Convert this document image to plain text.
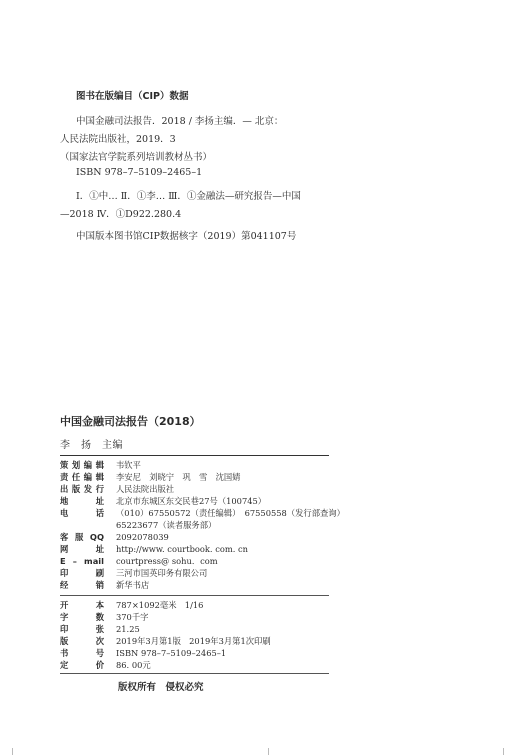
图书在版编目（CIP）数据
中国金融司法报告．2018 / 李扬主编．— 北京：
人民法院出版社，2019．3
（国家法官学院系列培训教材丛书）
ISBN 978–7–5109–2465–1
Ⅰ．①中… Ⅱ．①李… Ⅲ．①金融法—研究报告—中国
—2018 Ⅳ．①D922.280.4
中国版本图书馆CIP数据核字（2019）第041107号
中国金融司法报告（2018）
李　扬　主编
策划编辑 韦钦平
责任编辑 李安尼　刘晓宁　巩　雪　沈国婧
出版发行 人民法院出版社
地址 北京市东城区东交民巷27号（100745）
电话 （010）67550572（责任编辑）　67550558（发行部查询）
65223677（读者服务部）
客服QQ 2092078039
网址 http://www. courtbook. com. cn
E – mail courtpress@ sohu．com
印刷 三河市国英印务有限公司
经销 新华书店
开本 787×1092毫米　1/16
字数 370千字
印张 21.25
版次 2019年3月第1版　2019年3月第1次印刷
书号 ISBN 978–7–5109–2465–1
定价 86. 00元
版权所有　侵权必究
